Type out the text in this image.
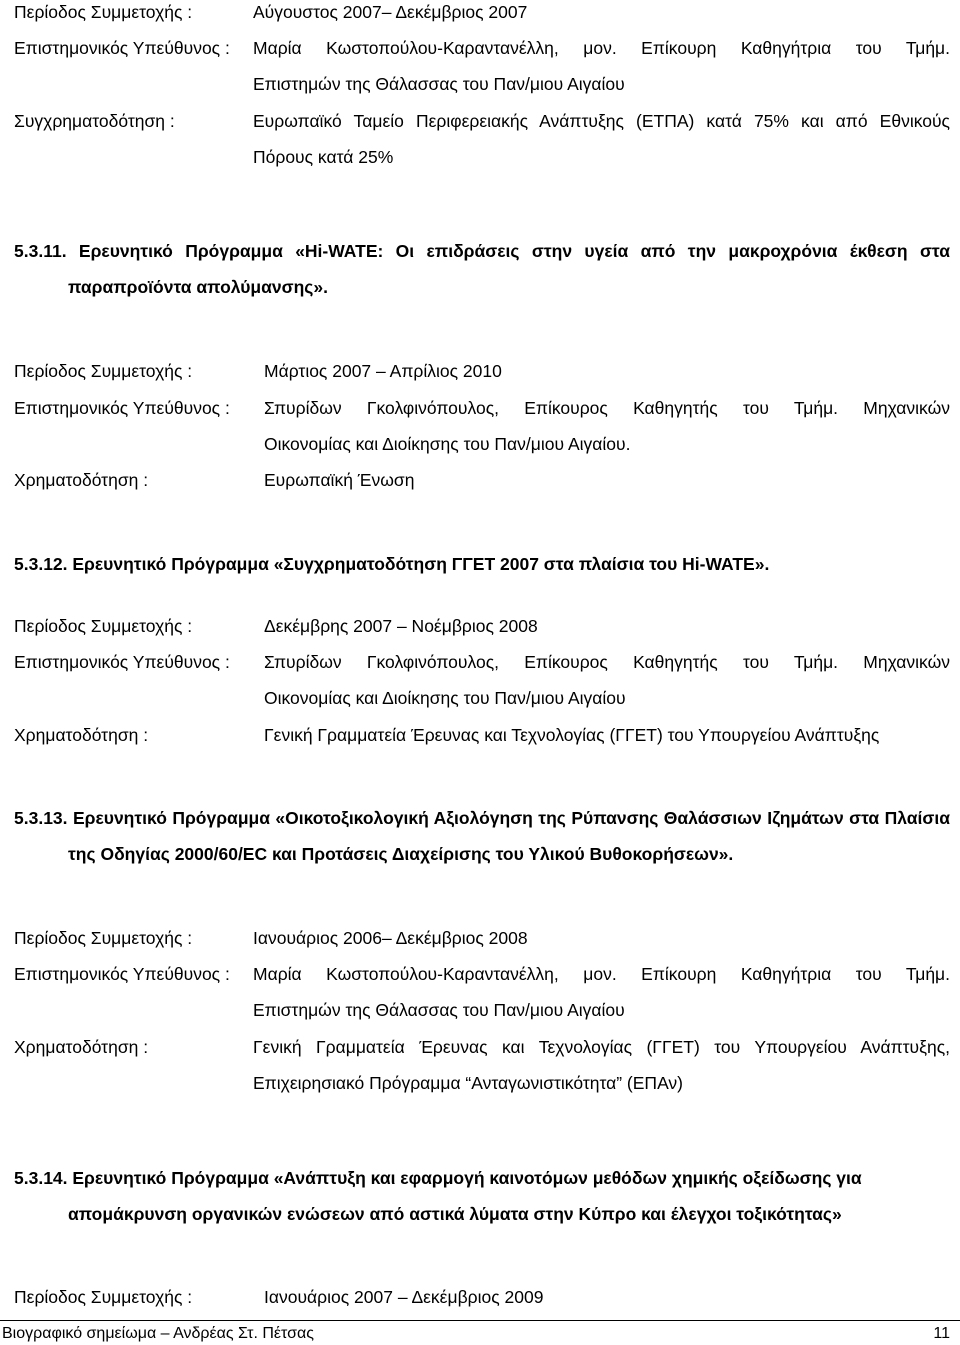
Περίοδος Συμμετοχής :	Αύγουστος 2007– Δεκέμβριος 2007
Επιστημονικός Υπεύθυνος : Μαρία Κωστοπούλου-Καραντανέλλη, μον. Επίκουρη Καθηγήτρια του Τμήμ.
Επιστημών της Θάλασσας του Παν/μιου Αιγαίου
Συγχρηματοδότηση :	Ευρωπαϊκό Ταμείο Περιφερειακής Ανάπτυξης (ΕΤΠΑ) κατά 75% και από Εθνικούς
Πόρους κατά 25%
5.3.11. Ερευνητικό Πρόγραμμα «Hi-WATE: Οι επιδράσεις στην υγεία από την μακροχρόνια έκθεση στα
παραπροϊόντα απολύμανσης».
Περίοδος Συμμετοχής :	Μάρτιος 2007 – Απρίλιος 2010
Επιστημονικός Υπεύθυνος : Σπυρίδων Γκολφινόπουλος, Επίκουρος Καθηγητής του Τμήμ. Μηχανικών
Οικονομίας και Διοίκησης του Παν/μιου Αιγαίου.
Χρηματοδότηση :	Ευρωπαϊκή Ένωση
5.3.12. Ερευνητικό Πρόγραμμα «Συγχρηματοδότηση ΓΓΕΤ 2007 στα πλαίσια του Hi-WATE».
Περίοδος Συμμετοχής :	Δεκέμβρης 2007 – Νοέμβριος 2008
Επιστημονικός Υπεύθυνος : Σπυρίδων Γκολφινόπουλος, Επίκουρος Καθηγητής του Τμήμ. Μηχανικών
Οικονομίας και Διοίκησης του Παν/μιου Αιγαίου
Χρηματοδότηση :	Γενική Γραμματεία Έρευνας και Τεχνολογίας (ΓΓΕΤ) του Υπουργείου Ανάπτυξης
5.3.13. Ερευνητικό Πρόγραμμα «Οικοτοξικολογική Αξιολόγηση της Ρύπανσης Θαλάσσιων Ιζημάτων στα Πλαίσια
της Οδηγίας 2000/60/ΕC και Προτάσεις Διαχείρισης του Υλικού Βυθοκορήσεων».
Περίοδος Συμμετοχής :	Ιανουάριος 2006– Δεκέμβριος 2008
Επιστημονικός Υπεύθυνος : Μαρία Κωστοπούλου-Καραντανέλλη, μον. Επίκουρη Καθηγήτρια του Τμήμ.
Επιστημών της Θάλασσας του Παν/μιου Αιγαίου
Χρηματοδότηση :	Γενική Γραμματεία Έρευνας και Τεχνολογίας (ΓΓΕΤ) του Υπουργείου Ανάπτυξης,
Επιχειρησιακό Πρόγραμμα “Ανταγωνιστικότητα” (ΕΠΑν)
5.3.14. Ερευνητικό Πρόγραμμα «Ανάπτυξη και εφαρμογή καινοτόμων μεθόδων χημικής οξείδωσης για
απομάκρυνση οργανικών ενώσεων από αστικά λύματα στην Κύπρο και έλεγχοι τοξικότητας»
Περίοδος Συμμετοχής :	Ιανουάριος 2007 – Δεκέμβριος 2009
Βιογραφικό σημείωμα – Ανδρέας Στ. Πέτσας	11
